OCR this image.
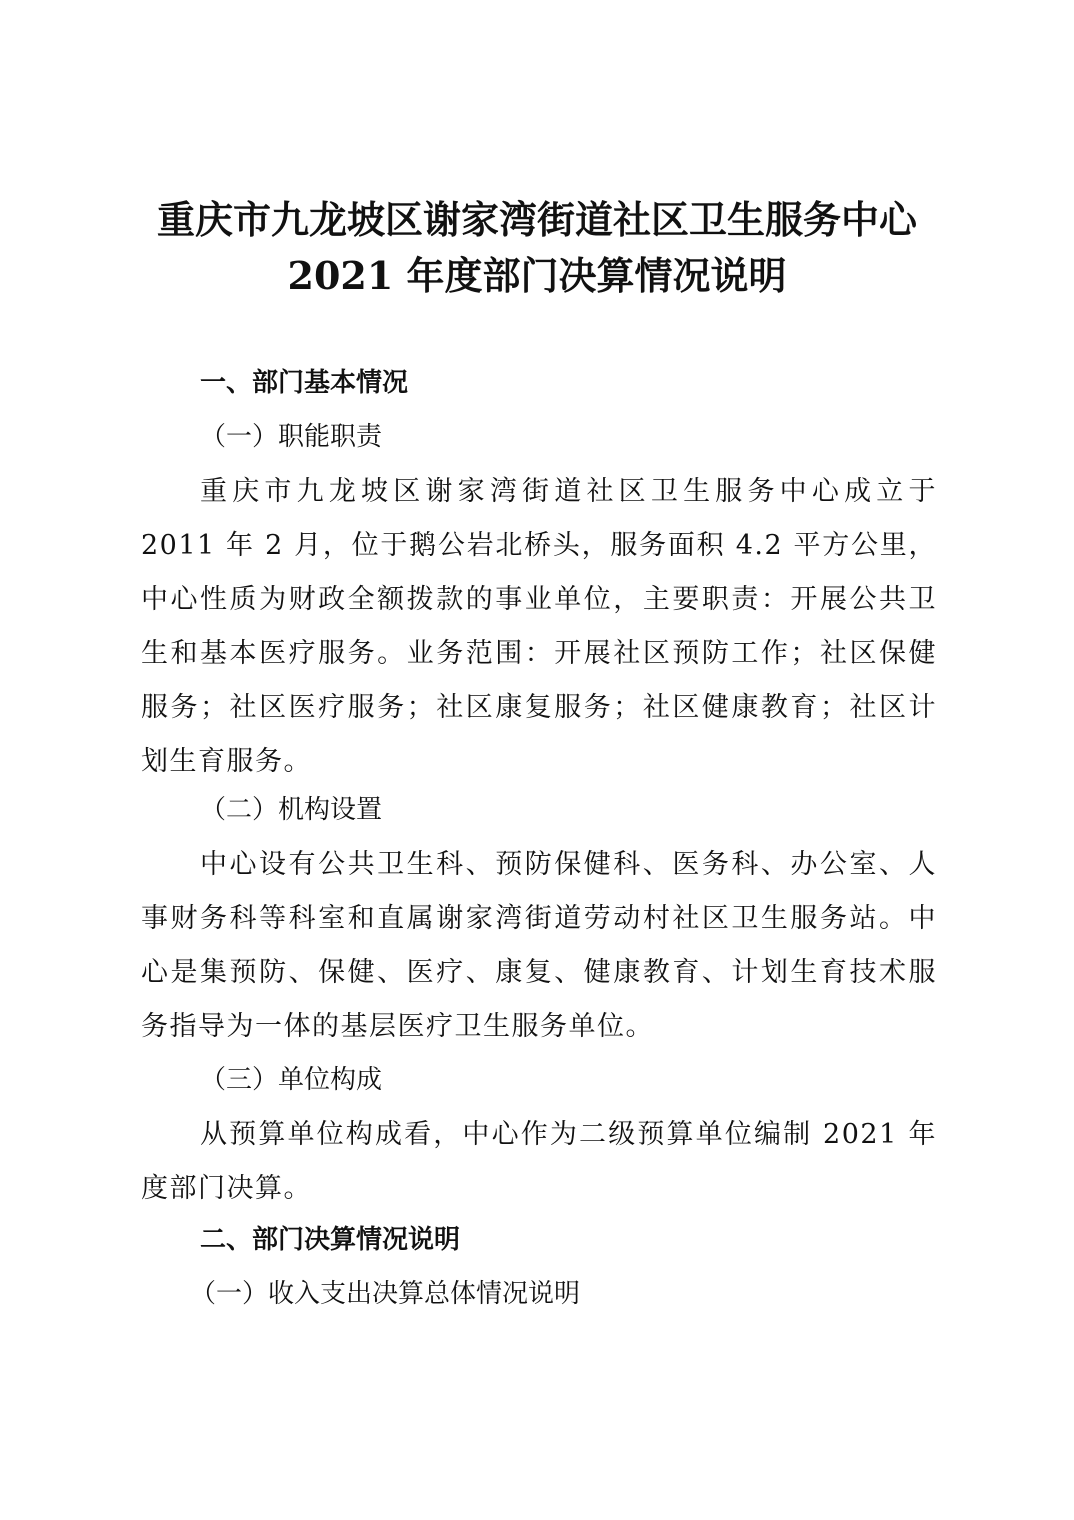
重庆市九龙坡区谢家湾街道社区卫生服务中心
2021 年度部门决算情况说明
一、部门基本情况
（一）职能职责
重庆市九龙坡区谢家湾街道社区卫生服务中心成立于 2011 年 2 月，位于鹅公岩北桥头，服务面积 4.2 平方公里，中心性质为财政全额拨款的事业单位，主要职责：开展公共卫生和基本医疗服务。业务范围：开展社区预防工作；社区保健服务；社区医疗服务；社区康复服务；社区健康教育；社区计划生育服务。
（二）机构设置
中心设有公共卫生科、预防保健科、医务科、办公室、人事财务科等科室和直属谢家湾街道劳动村社区卫生服务站。中心是集预防、保健、医疗、康复、健康教育、计划生育技术服务指导为一体的基层医疗卫生服务单位。
（三）单位构成
从预算单位构成看，中心作为二级预算单位编制 2021 年度部门决算。
二、部门决算情况说明
（一）收入支出决算总体情况说明
